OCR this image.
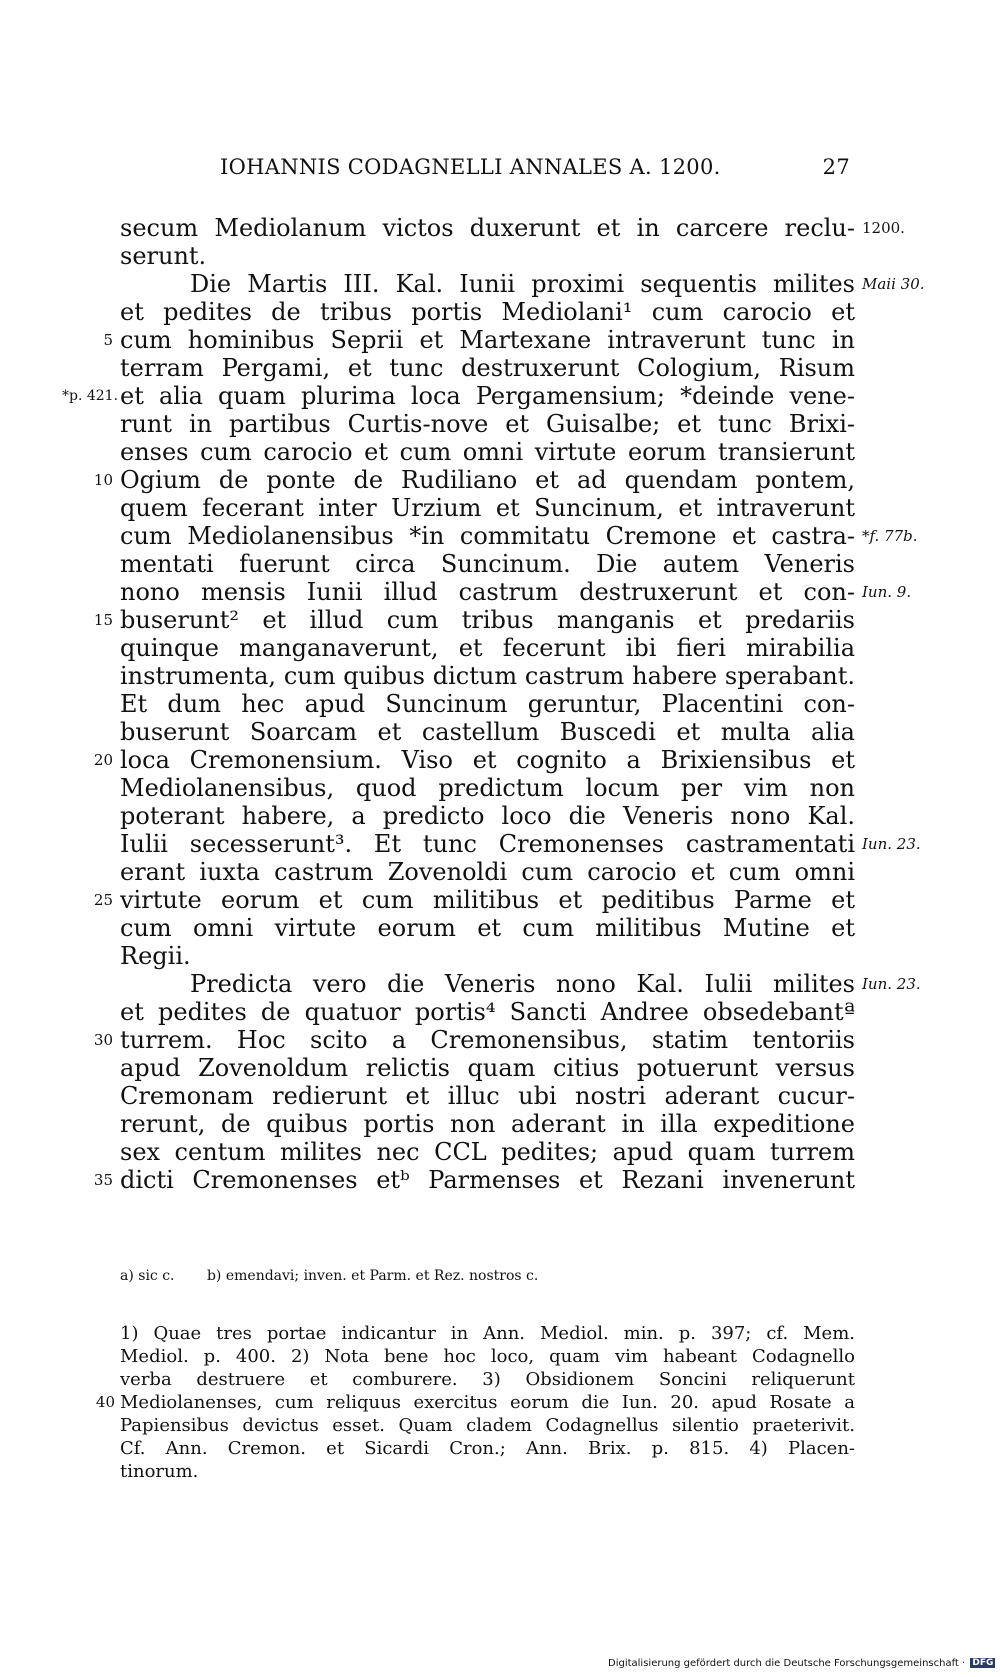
IOHANNIS CODAGNELLI ANNALES A. 1200.	27
secum Mediolanum victos duxerunt et in carcere reclu-
serunt.
Die Martis III. Kal. Iunii proximi sequentis milites
et pedites de tribus portis Mediolani¹ cum carocio et
cum hominibus Seprii et Martexane intraverunt tunc in
terram Pergami, et tunc destruxerunt Cologium, Risum
et alia quam plurima loca Pergamensium; *deinde vene-
runt in partibus Curtis-nove et Guisalbe; et tunc Brixi-
enses cum carocio et cum omni virtute eorum transierunt
Ogium de ponte de Rudiliano et ad quendam pontem,
quem fecerant inter Urzium et Suncinum, et intraverunt
cum Mediolanensibus *in commitatu Cremone et castra-
mentati fuerunt circa Suncinum. Die autem Veneris
nono mensis Iunii illud castrum destruxerunt et con-
buserunt² et illud cum tribus manganis et predariis
quinque manganaverunt, et fecerunt ibi fieri mirabilia
instrumenta, cum quibus dictum castrum habere sperabant.
Et dum hec apud Suncinum geruntur, Placentini con-
buserunt Soarcam et castellum Buscedi et multa alia
loca Cremonensium. Viso et cognito a Brixiensibus et
Mediolanensibus, quod predictum locum per vim non
poterant habere, a predicto loco die Veneris nono Kal.
Iulii secesserunt³. Et tunc Cremonenses castramentati
erant iuxta castrum Zovenoldi cum carocio et cum omni
virtute eorum et cum militibus et peditibus Parme et
cum omni virtute eorum et cum militibus Mutine et
Regii.
Predicta vero die Veneris nono Kal. Iulii milites
et pedites de quatuor portis⁴ Sancti Andree obsedebantª
turrem. Hoc scito a Cremonensibus, statim tentoriis
apud Zovenoldum relictis quam citius potuerunt versus
Cremonam redierunt et illuc ubi nostri aderant cucur-
rerunt, de quibus portis non aderant in illa expeditione
sex centum milites nec CCL pedites; apud quam turrem
dicti Cremonenses etᵇ Parmenses et Rezani invenerunt
5
10
15
20
25
30
35
*p. 421.
1200.
Maii 30.
*f. 77b.
Iun. 9.
Iun. 23.
Iun. 23.
a) sic c. b) emendavi; inven. et Parm. et Rez. nostros c.
1) Quae tres portae indicantur in Ann. Mediol. min. p. 397; cf. Mem.
Mediol. p. 400. 2) Nota bene hoc loco, quam vim habeant Codagnello
verba destruere et comburere. 3) Obsidionem Soncini reliquerunt
Mediolanenses, cum reliquus exercitus eorum die Iun. 20. apud Rosate a
Papiensibus devictus esset. Quam cladem Codagnellus silentio praeterivit.
Cf. Ann. Cremon. et Sicardi Cron.; Ann. Brix. p. 815. 4) Placen-
tinorum.
40
Digitalisierung gefördert durch die Deutsche Forschungsgemeinschaft · DFG
